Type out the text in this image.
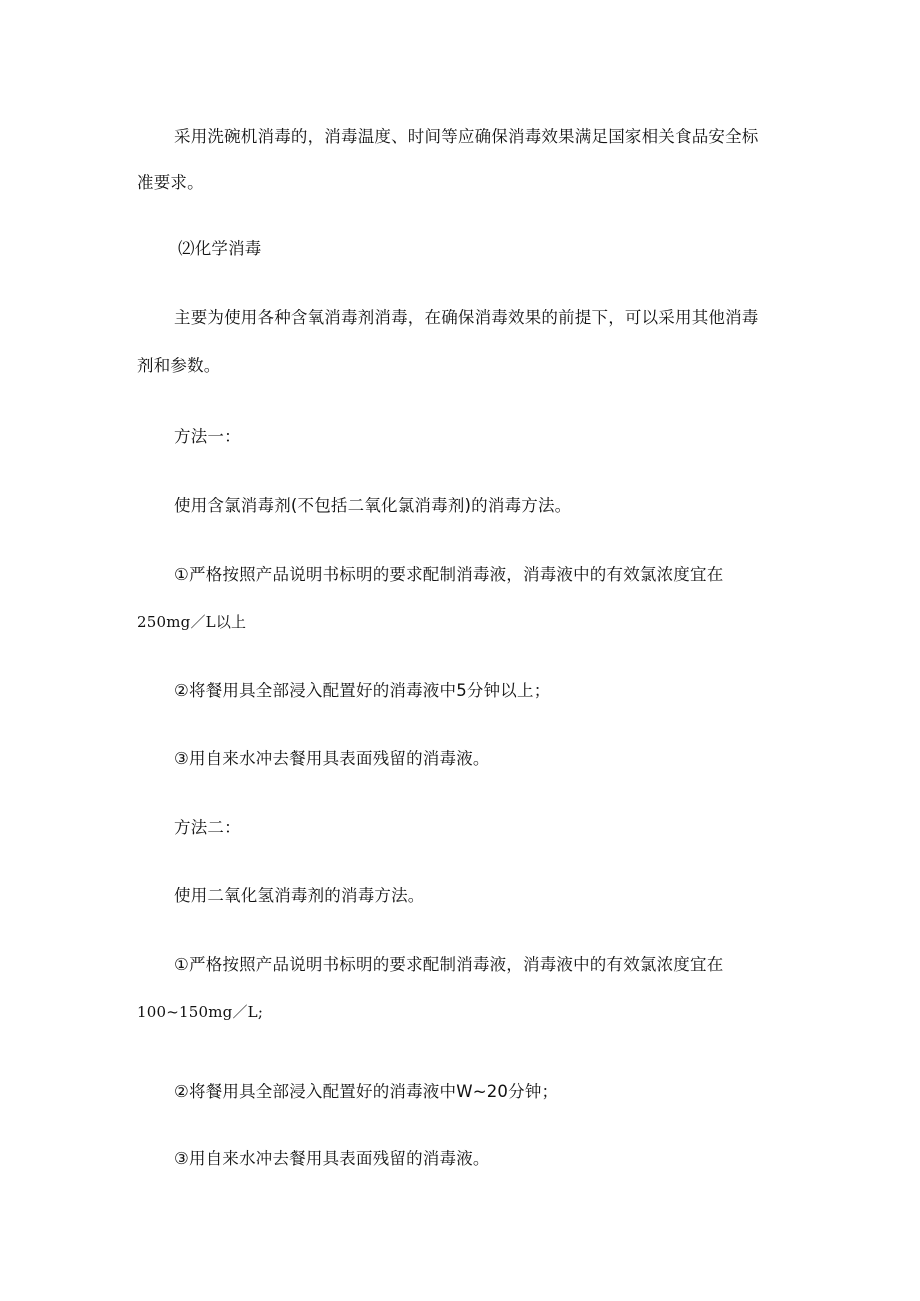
采用洗碗机消毒的，消毒温度、时间等应确保消毒效果满足国家相关食品安全标
准要求。
⑵化学消毒
主要为使用各种含氧消毒剂消毒，在确保消毒效果的前提下，可以采用其他消毒
剂和参数。
方法一：
使用含氯消毒剂(不包括二氧化氯消毒剂)的消毒方法。
①严格按照产品说明书标明的要求配制消毒液，消毒液中的有效氯浓度宜在
250mg／L以上
②将餐用具全部浸入配置好的消毒液中5分钟以上；
③用自来水冲去餐用具表面残留的消毒液。
方法二：
使用二氧化氢消毒剂的消毒方法。
①严格按照产品说明书标明的要求配制消毒液，消毒液中的有效氯浓度宜在
100~150mg／L;
②将餐用具全部浸入配置好的消毒液中W~20分钟；
③用自来水冲去餐用具表面残留的消毒液。
